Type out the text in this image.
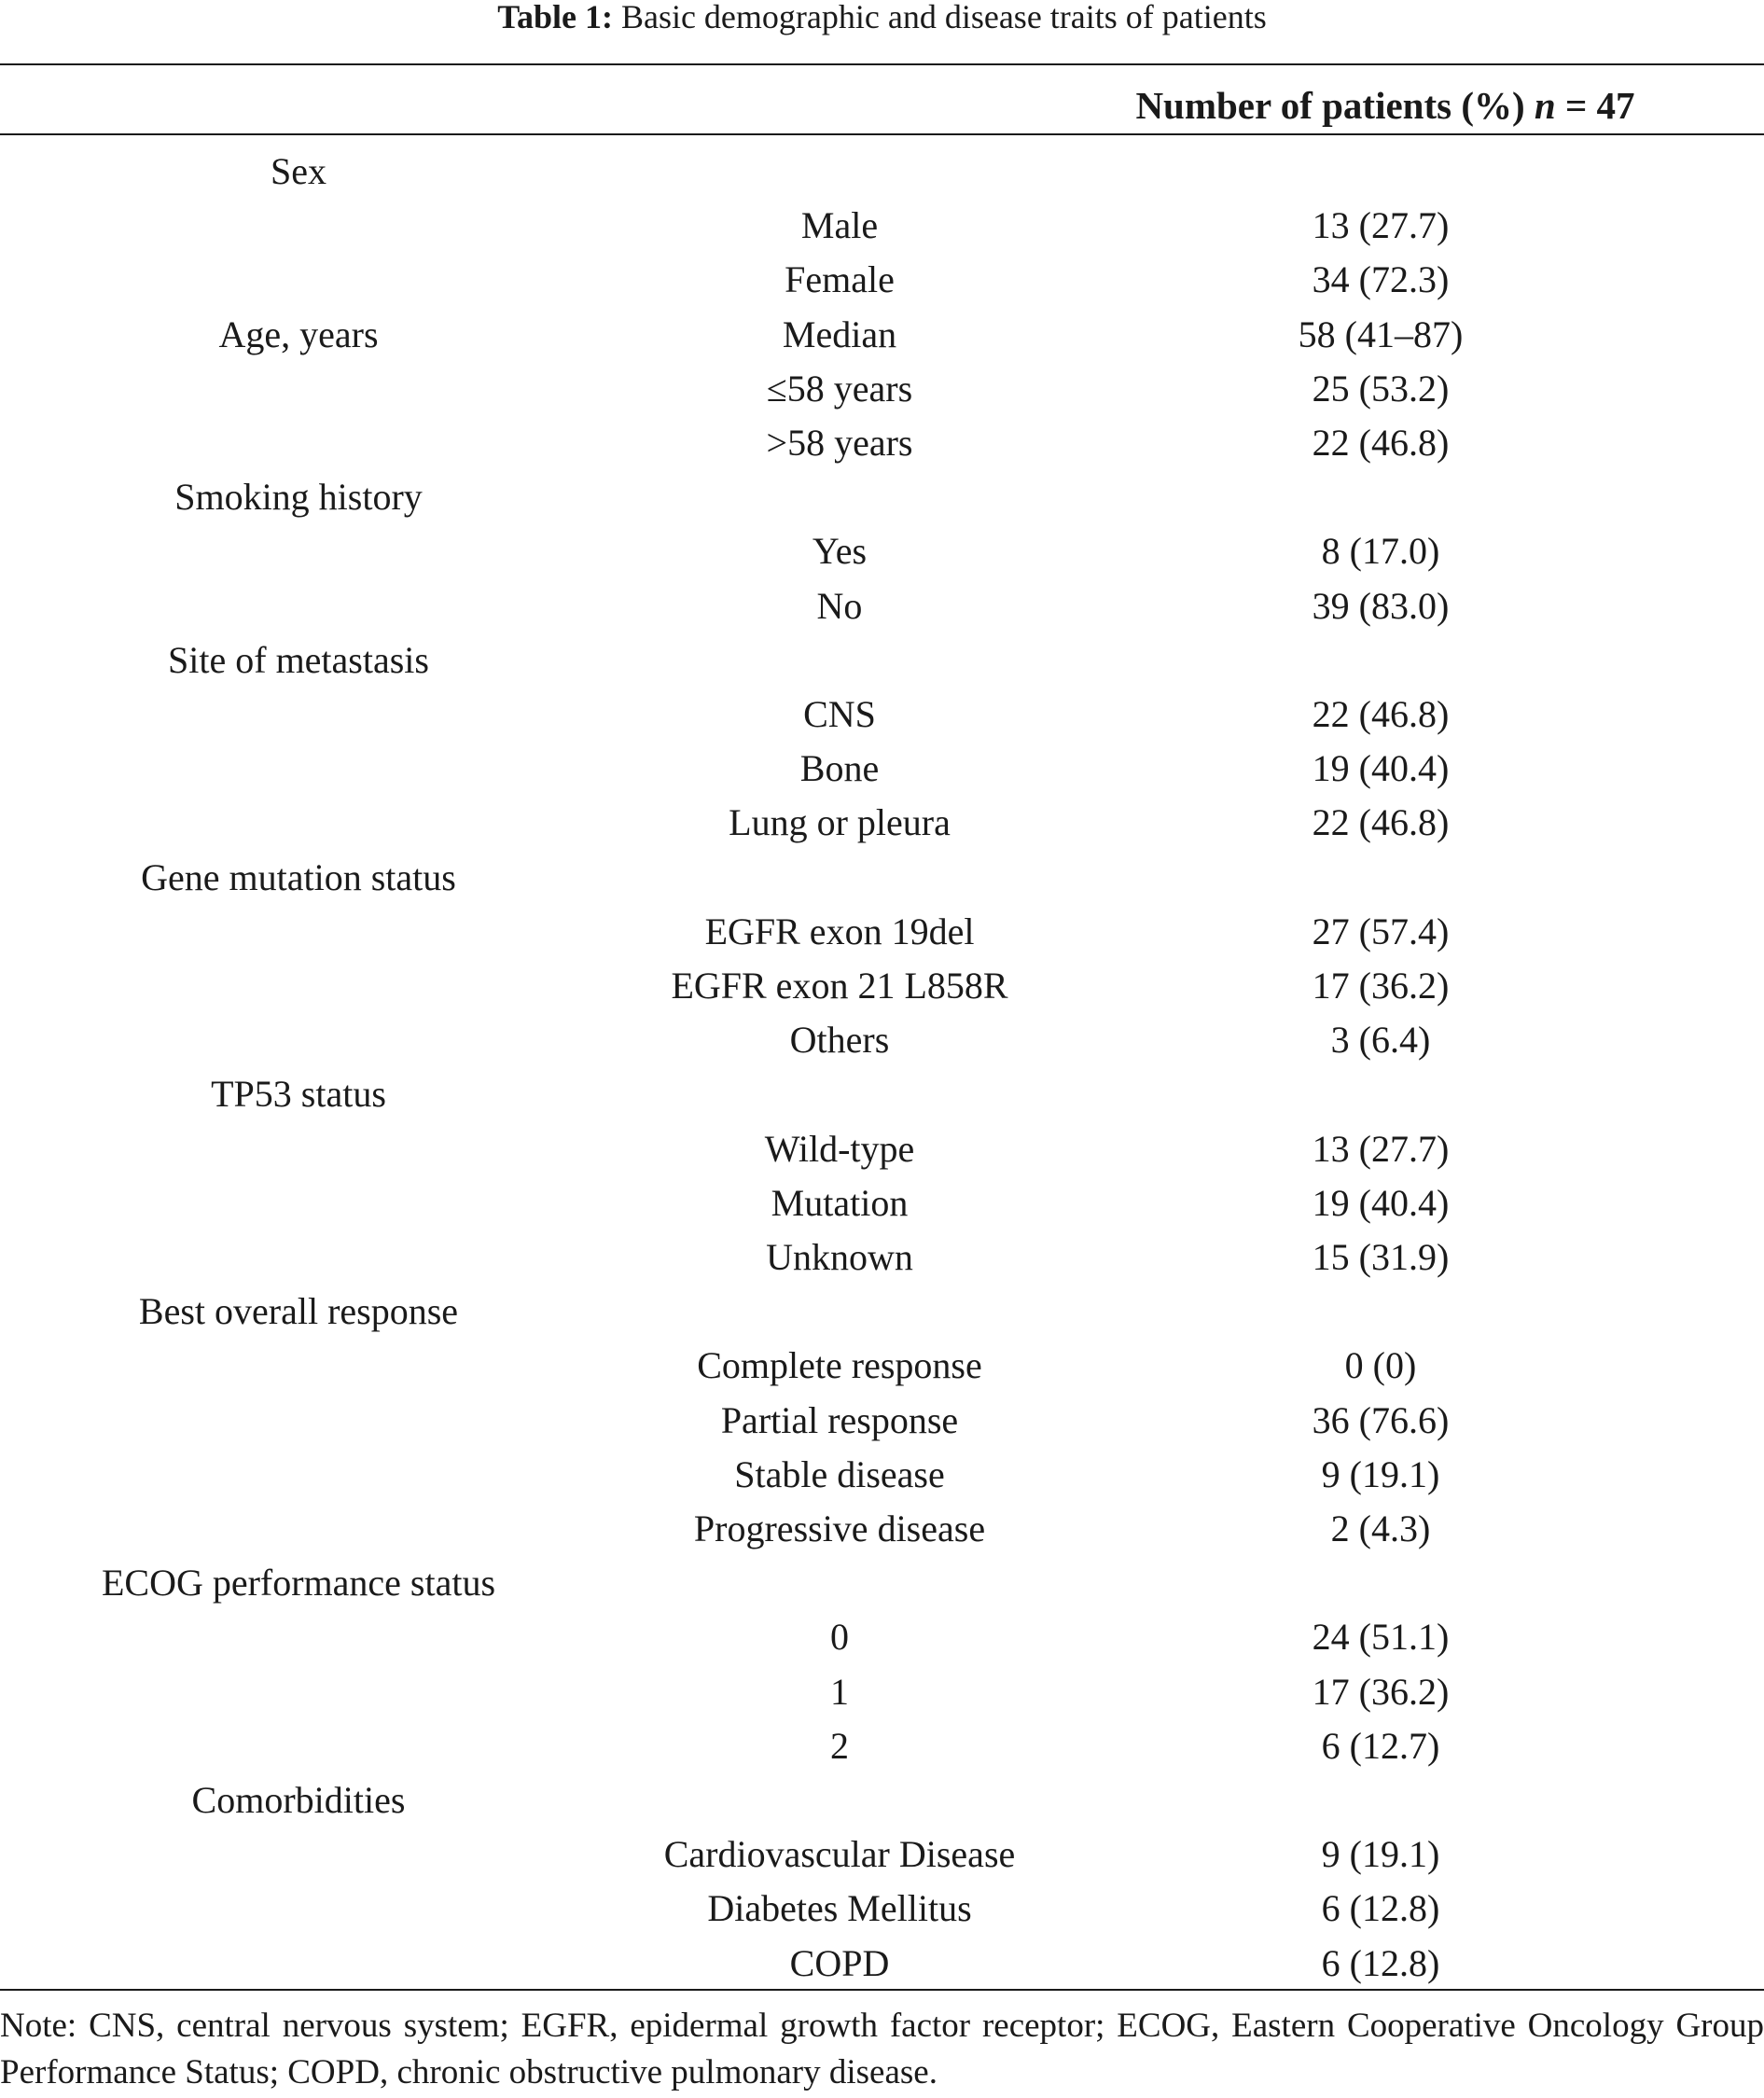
Table 1: Basic demographic and disease traits of patients
Number of patients (%) n = 47
Sex
Male	13 (27.7)
Female	34 (72.3)
Age, years	Median	58 (41–87)
≤58 years	25 (53.2)
>58 years	22 (46.8)
Smoking history
Yes	8 (17.0)
No	39 (83.0)
Site of metastasis
CNS	22 (46.8)
Bone	19 (40.4)
Lung or pleura	22 (46.8)
Gene mutation status
EGFR exon 19del	27 (57.4)
EGFR exon 21 L858R	17 (36.2)
Others	3 (6.4)
TP53 status
Wild-type	13 (27.7)
Mutation	19 (40.4)
Unknown	15 (31.9)
Best overall response
Complete response	0 (0)
Partial response	36 (76.6)
Stable disease	9 (19.1)
Progressive disease	2 (4.3)
ECOG performance status
0	24 (51.1)
1	17 (36.2)
2	6 (12.7)
Comorbidities
Cardiovascular Disease	9 (19.1)
Diabetes Mellitus	6 (12.8)
COPD	6 (12.8)
Note: CNS, central nervous system; EGFR, epidermal growth factor receptor; ECOG, Eastern Cooperative Oncology Group Performance Status; COPD, chronic obstructive pulmonary disease.
